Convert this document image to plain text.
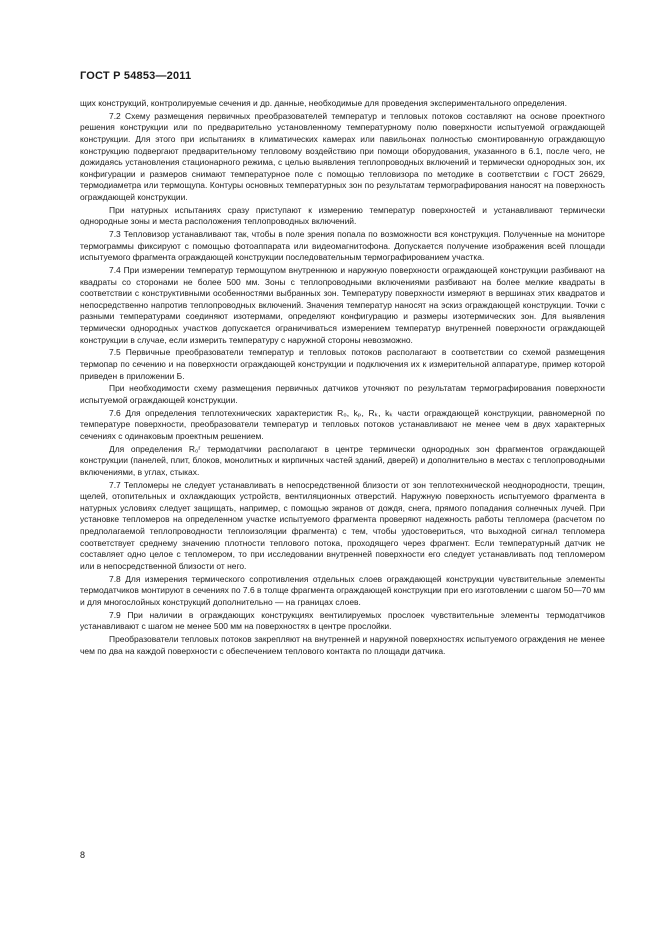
ГОСТ Р 54853—2011

щих конструкций, контролируемые сечения и др. данные, необходимые для проведения экспериментального определения.

7.2 Схему размещения первичных преобразователей температур и тепловых потоков составляют на основе проектного решения конструкции или по предварительно установленному температурному полю поверхности испытуемой ограждающей конструкции. Для этого при испытаниях в климатических камерах или павильонах полностью смонтированную ограждающую конструкцию подвергают предварительному тепловому воздействию при помощи оборудования, указанного в 6.1, после чего, не дожидаясь установления стационарного режима, с целью выявления теплопроводных включений и термически однородных зон, их конфигурации и размеров снимают температурное поле с помощью тепловизора по методике в соответствии с ГОСТ 26629, термодиаметра или термощупа. Контуры основных температурных зон по результатам термографирования наносят на поверхность ограждающей конструкции.

При натурных испытаниях сразу приступают к измерению температур поверхностей и устанавливают термически однородные зоны и места расположения теплопроводных включений.

7.3 Тепловизор устанавливают так, чтобы в поле зрения попала по возможности вся конструкция. Полученные на мониторе термограммы фиксируют с помощью фотоаппарата или видеомагнитофона. Допускается получение изображения всей площади испытуемого фрагмента ограждающей конструкции последовательным термографированием участка.

7.4 При измерении температур термощупом внутреннюю и наружную поверхности ограждающей конструкции разбивают на квадраты со сторонами не более 500 мм. Зоны с теплопроводными включениями разбивают на более мелкие квадраты в соответствии с конструктивными особенностями выбранных зон. Температуру поверхности измеряют в вершинах этих квадратов и непосредственно напротив теплопроводных включений. Значения температур наносят на эскиз ограждающей конструкции. Точки с разными температурами соединяют изотермами, определяют конфигурацию и размеры изотермических зон. Для выявления термически однородных участков допускается ограничиваться измерением температур внутренней поверхности ограждающей конструкции в случае, если измерить температуру с наружной стороны невозможно.

7.5 Первичные преобразователи температур и тепловых потоков располагают в соответствии со схемой размещения термопар по сечению и на поверхности ограждающей конструкции и подключения их к измерительной аппаратуре, пример которой приведен в приложении Б.

При необходимости схему размещения первичных датчиков уточняют по результатам термографирования поверхности испытуемой ограждающей конструкции.

7.6 Для определения теплотехнических характеристик R₀, kₚ, Rₖ, kₖ части ограждающей конструкции, равномерной по температуре поверхности, преобразователи температур и тепловых потоков устанавливают не менее чем в двух характерных сечениях с одинаковым проектным решением.

Для определения R₀ʳ термодатчики располагают в центре термически однородных зон фрагментов ограждающей конструкции (панелей, плит, блоков, монолитных и кирпичных частей зданий, дверей) и дополнительно в местах с теплопроводными включениями, в углах, стыках.

7.7 Тепломеры не следует устанавливать в непосредственной близости от зон теплотехнической неоднородности, трещин, щелей, отопительных и охлаждающих устройств, вентиляционных отверстий. Наружную поверхность испытуемого фрагмента в натурных условиях следует защищать, например, с помощью экранов от дождя, снега, прямого попадания солнечных лучей. При установке тепломеров на определенном участке испытуемого фрагмента проверяют надежность работы тепломера (расчетом по предполагаемой теплопроводности теплоизоляции фрагмента) с тем, чтобы удостовериться, что выходной сигнал тепломера соответствует среднему значению плотности теплового потока, проходящего через фрагмент. Если температурный датчик не составляет одно целое с тепломером, то при исследовании внутренней поверхности его следует устанавливать под тепломером или в непосредственной близости от него.

7.8 Для измерения термического сопротивления отдельных слоев ограждающей конструкции чувствительные элементы термодатчиков монтируют в сечениях по 7.6 в толще фрагмента ограждающей конструкции при его изготовлении с шагом 50—70 мм и для многослойных конструкций дополнительно — на границах слоев.

7.9 При наличии в ограждающих конструкциях вентилируемых прослоек чувствительные элементы термодатчиков устанавливают с шагом не менее 500 мм на поверхностях в центре прослойки.

Преобразователи тепловых потоков закрепляют на внутренней и наружной поверхностях испытуемого ограждения не менее чем по два на каждой поверхности с обеспечением теплового контакта по площади датчика.

8
